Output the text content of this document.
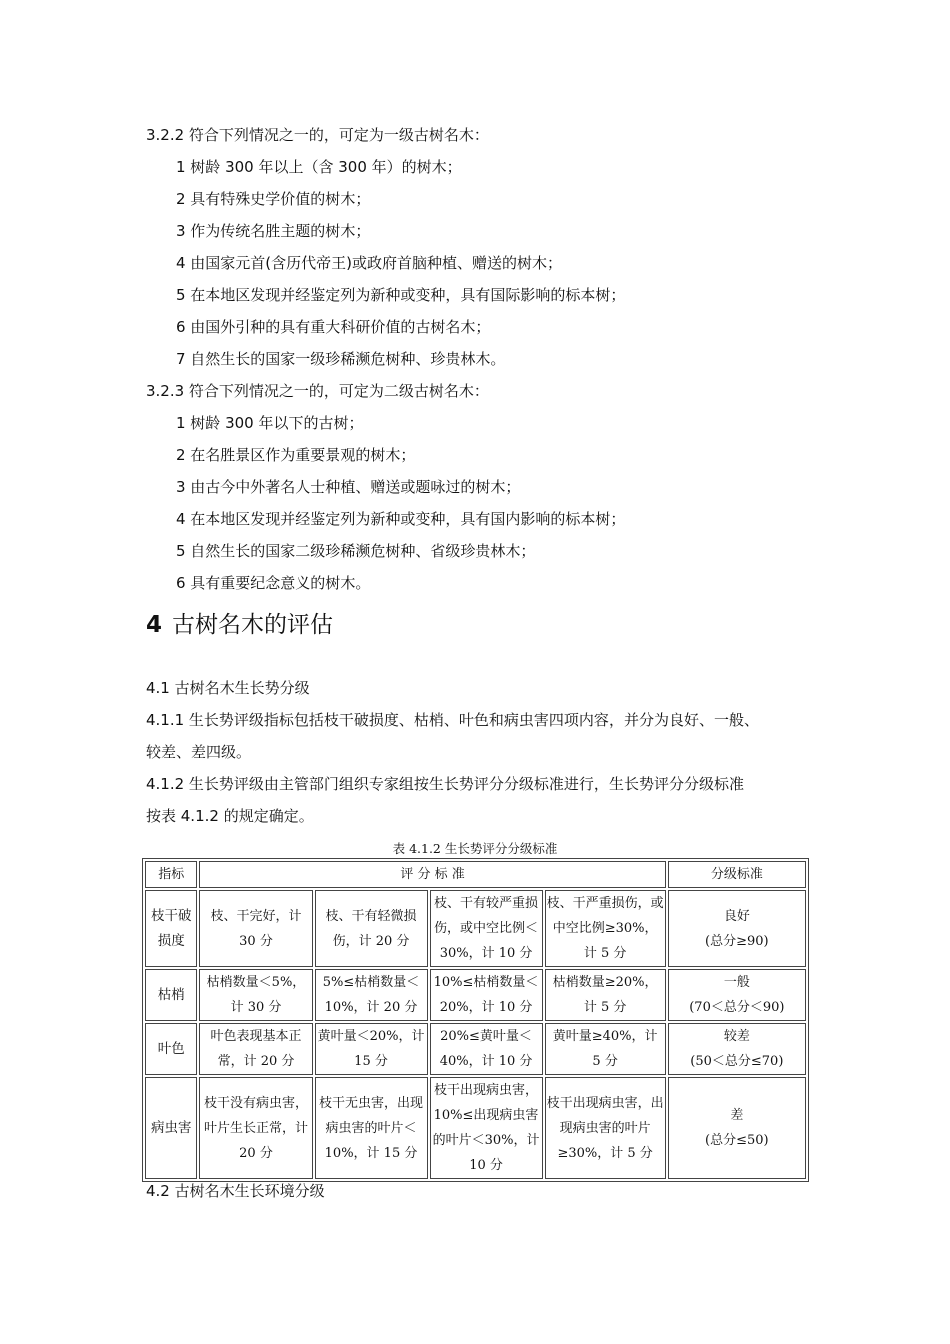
3.2.2 符合下列情况之一的，可定为一级古树名木：
1 树龄 300 年以上（含 300 年）的树木；
2 具有特殊史学价值的树木；
3 作为传统名胜主题的树木；
4 由国家元首(含历代帝王)或政府首脑种植、赠送的树木；
5 在本地区发现并经鉴定列为新种或变种，具有国际影响的标本树；
6 由国外引种的具有重大科研价值的古树名木；
7 自然生长的国家一级珍稀濒危树种、珍贵林木。
3.2.3 符合下列情况之一的，可定为二级古树名木：
1 树龄 300 年以下的古树；
2 在名胜景区作为重要景观的树木；
3 由古今中外著名人士种植、赠送或题咏过的树木；
4 在本地区发现并经鉴定列为新种或变种，具有国内影响的标本树；
5 自然生长的国家二级珍稀濒危树种、省级珍贵林木；
6 具有重要纪念意义的树木。
4 古树名木的评估
4.1 古树名木生长势分级
4.1.1 生长势评级指标包括枝干破损度、枯梢、叶色和病虫害四项内容，并分为良好、一般、
较差、差四级。
4.1.2 生长势评级由主管部门组织专家组按生长势评分分级标准进行，生长势评分分级标准
按表 4.1.2 的规定确定。
表 4.1.2 生长势评分分级标准
指标	评 分 标 准				分级标准
枝干破损度	枝、干完好，计 30 分	枝、干有轻微损伤，计 20 分	枝、干有较严重损伤，或中空比例＜30%，计 10 分	枝、干严重损伤，或中空比例≥30%，计 5 分	良好
(总分≥90)

枯梢	枯梢数量＜5%，计 30 分	5%≤枯梢数量＜10%，计 20 分	10%≤枯梢数量＜20%，计 10 分	枯梢数量≥20%，计 5 分	一般
(70＜总分＜90)

叶色	叶色表现基本正常，计 20 分	黄叶量＜20%，计 15 分	20%≤黄叶量＜40%，计 10 分	黄叶量≥40%，计 5 分	较差
(50＜总分≤70)

病虫害	枝干没有病虫害，叶片生长正常，计 20 分	枝干无虫害，出现病虫害的叶片＜10%，计 15 分	枝干出现病虫害，10%≤出现病虫害的叶片＜30%，计 10 分	枝干出现病虫害，出现病虫害的叶片≥30%，计 5 分	差
(总分≤50)
4.2 古树名木生长环境分级
